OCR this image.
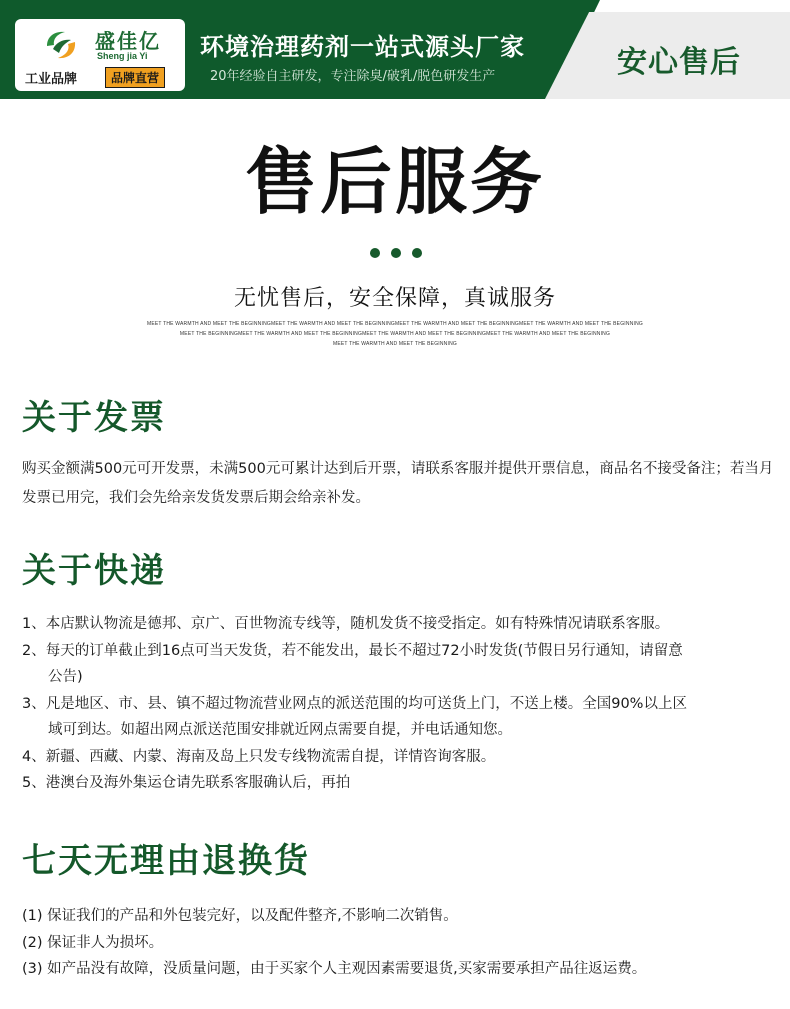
盛佳亿
Sheng jia Yi
工业品牌	品牌直营
环境治理药剂一站式源头厂家
20年经验自主研发，专注除臭/破乳/脱色研发生产	安心售后
售后服务
无忧售后，安全保障，真诚服务
MEET THE WARMTH AND MEET THE BEGINNINGMEET THE WARMTH AND MEET THE BEGINNINGMEET THE WARMTH AND MEET THE BEGINNINGMEET THE WARMTH AND MEET THE BEGINNING
MEET THE BEGINNINGMEET THE WARMTH AND MEET THE BEGINNINGMEET THE WARMTH AND MEET THE BEGINNINGMEET THE WARMTH AND MEET THE BEGINNING
MEET THE WARMTH AND MEET THE BEGINNING
关于发票
购买金额满500元可开发票，未满500元可累计达到后开票，请联系客服并提供开票信息，商品名不接受备注；若当月发票已用完，我们会先给亲发货发票后期会给亲补发。
关于快递
1、本店默认物流是德邦、京广、百世物流专线等，随机发货不接受指定。如有特殊情况请联系客服。
2、每天的订单截止到16点可当天发货，若不能发出，最长不超过72小时发货(节假日另行通知，请留意
公告)
3、凡是地区、市、县、镇不超过物流营业网点的派送范围的均可送货上门，不送上楼。全国90%以上区
域可到达。如超出网点派送范围安排就近网点需要自提，并电话通知您。
4、新疆、西藏、内蒙、海南及岛上只发专线物流需自提，详情咨询客服。
5、港澳台及海外集运仓请先联系客服确认后，再拍
七天无理由退换货
(1) 保证我们的产品和外包装完好，以及配件整齐,不影响二次销售。
(2) 保证非人为损坏。
(3) 如产品没有故障，没质量问题，由于买家个人主观因素需要退货,买家需要承担产品往返运费。
